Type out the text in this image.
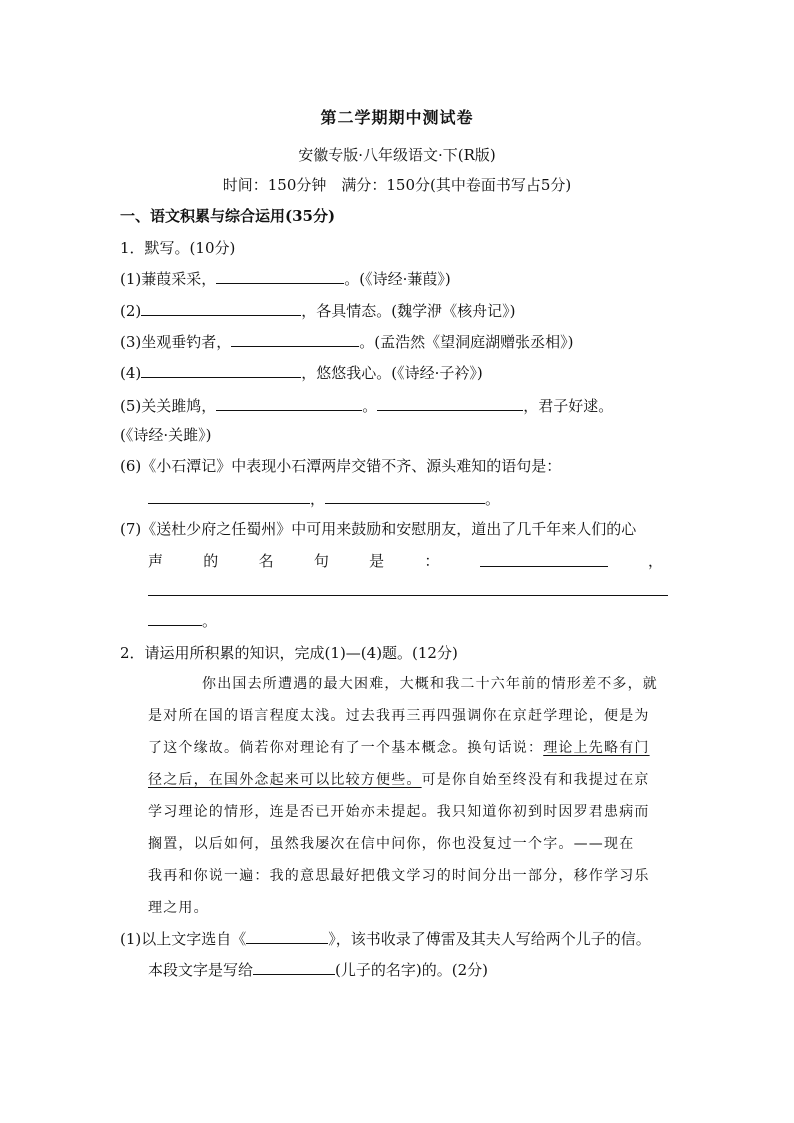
第二学期期中测试卷
安徽专版·八年级语文·下(R版)
时间：150分钟　满分：150分(其中卷面书写占5分)
一、语文积累与综合运用(35分)
1．默写。(10分)
(1)蒹葭采采，	。(《诗经·蒹葭》)
(2)	，各具情态。(魏学洢《核舟记》)
(3)坐观垂钓者，	。(孟浩然《望洞庭湖赠张丞相》)
(4)	，悠悠我心。(《诗经·子衿》)
(5)关关雎鸠，	。	，君子好逑。
(《诗经·关雎》)
(6)《小石潭记》中表现小石潭两岸交错不齐、源头难知的语句是：
，	。
(7)《送杜少府之任蜀州》中可用来鼓励和安慰朋友，道出了几千年来人们的心
声	的	名	句	是	：	，
。
2．请运用所积累的知识，完成(1)—(4)题。(12分)
你出国去所遭遇的最大困难，大概和我二十六年前的情形差不多，就
是对所在国的语言程度太浅。过去我再三再四强调你在京赶学理论，便是为
了这个缘故。倘若你对理论有了一个基本概念。换句话说：理论上先略有门
径之后，在国外念起来可以比较方便些。可是你自始至终没有和我提过在京
学习理论的情形，连是否已开始亦未提起。我只知道你初到时因罗君患病而
搁置，以后如何，虽然我屡次在信中问你，你也没复过一个字。——现在
我再和你说一遍：我的意思最好把俄文学习的时间分出一部分，移作学习乐
理之用。
(1)以上文字选自《	》，该书收录了傅雷及其夫人写给两个儿子的信。
本段文字是写给	(儿子的名字)的。(2分)
